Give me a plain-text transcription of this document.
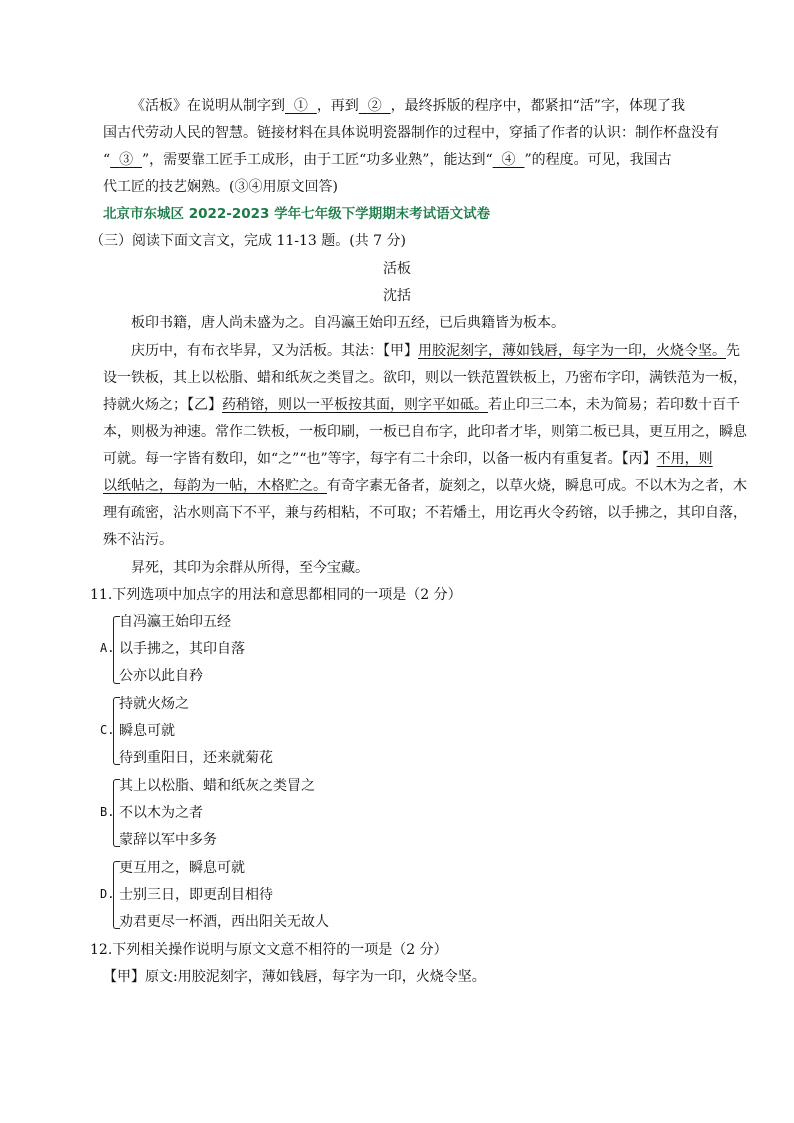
《活板》在说明从制字到 ① ，再到 ② ，最终拆版的程序中，都紧扣“活”字，体现了我
国古代劳动人民的智慧。链接材料在具体说明瓷器制作的过程中，穿插了作者的认识：制作杯盘没有
“ ③ ”，需要靠工匠手工成形，由于工匠“功多业熟”，能达到“ ④ ”的程度。可见，我国古
代工匠的技艺娴熟。(③④用原文回答)
北京市东城区 2022-2023 学年七年级下学期期末考试语文试卷
（三）阅读下面文言文，完成 11-13 题。(共 7 分)
活板
沈括
板印书籍，唐人尚未盛为之。自冯瀛王始印五经，已后典籍皆为板本。
庆历中，有布衣毕昇，又为活板。其法：【甲】用胶泥刻字，薄如钱唇，每字为一印，火烧令坚。先
设一铁板，其上以松脂、蜡和纸灰之类冒之。欲印，则以一铁范置铁板上，乃密布字印，满铁范为一板，
持就火炀之；【乙】药稍镕，则以一平板按其面，则字平如砥。若止印三二本，未为简易；若印数十百千
本，则极为神速。常作二铁板，一板印刷，一板已自布字，此印者才毕，则第二板已具，更互用之，瞬息
可就。每一字皆有数印，如“之”“也”等字，每字有二十余印，以备一板内有重复者。【丙】不用，则
以纸帖之，每韵为一帖，木格贮之。有奇字素无备者，旋刻之，以草火烧，瞬息可成。不以木为之者，木
理有疏密，沾水则高下不平，兼与药相粘，不可取；不若燔土，用讫再火令药镕，以手拂之，其印自落，
殊不沾污。
昇死，其印为余群从所得，至今宝藏。
11.下列选项中加点字的用法和意思都相同的一项是（2 分）
A.
自冯瀛王始印五经
以手拂之，其印自落
公亦以此自矜
C.
持就火炀之
瞬息可就
待到重阳日，还来就菊花
B.
其上以松脂、蜡和纸灰之类冒之
不以木为之者
蒙辞以军中多务
D.
更互用之，瞬息可就
士别三日，即更刮目相待
劝君更尽一杯酒，西出阳关无故人
12.下列相关操作说明与原文文意不相符的一项是（2 分）
【甲】原文:用胶泥刻字，薄如钱唇，每字为一印，火烧令坚。
